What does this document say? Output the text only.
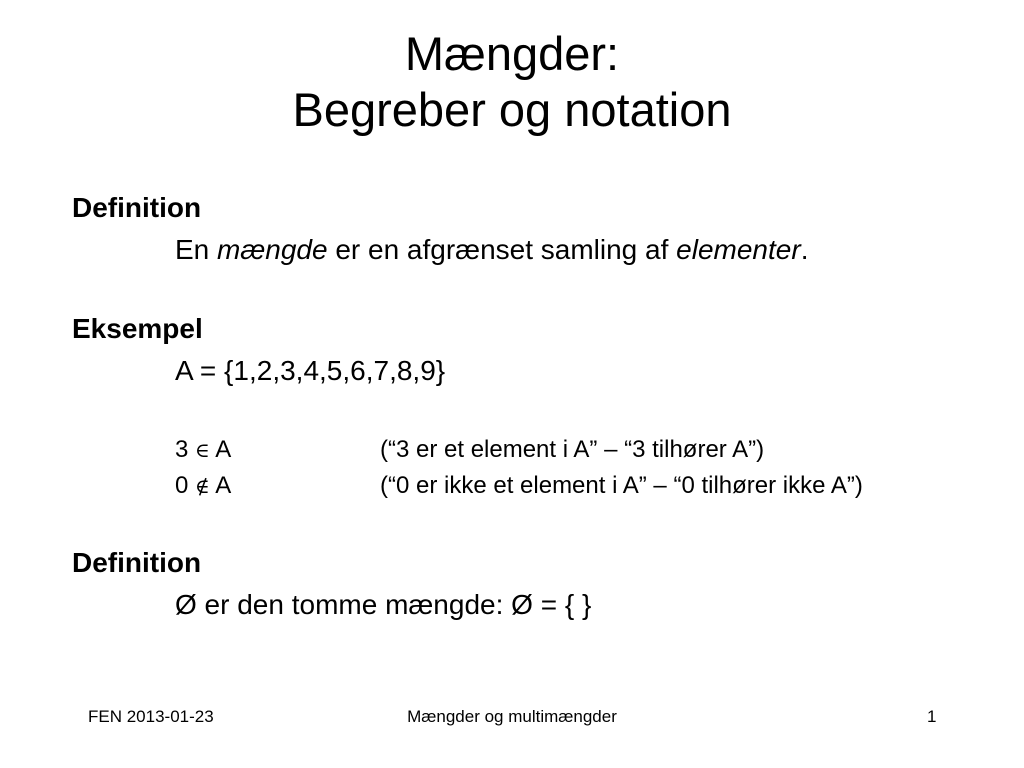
Mængder:
Begreber og notation
Definition
En mængde er en afgrænset samling af elementer.
Eksempel
A = {1,2,3,4,5,6,7,8,9}
3 ∈ A	(“3 er et element i A” – “3 tilhører A”)
0 ∉ A	(“0 er ikke et element i A” – “0 tilhører ikke A”)
Definition
Ø er den tomme mængde: Ø = { }
FEN 2013-01-23	Mængder og multimængder	1
